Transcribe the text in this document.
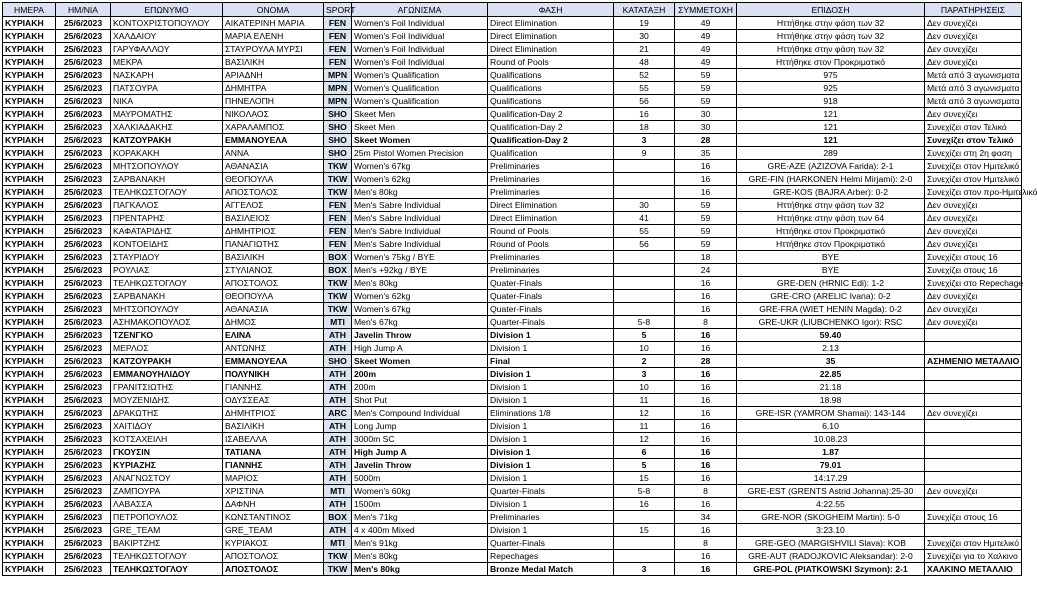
ΗΜΕΡΑ	ΗΜ/ΝΙΑ	ΕΠΩΝΥΜΟ	ΟΝΟΜΑ	SPORT	ΑΓΩΝΙΣΜΑ	ΦΑΣΗ	ΚΑΤΑΤΑΞΗ	ΣΥΜΜΕΤΟΧΗ	ΕΠΙΔΟΣΗ	ΠΑΡΑΤΗΡΗΣΕΙΣ
ΚΥΡΙΑΚΗ	25/6/2023	ΚΟΝΤΟΧΡΙΣΤΟΠΟΥΛΟΥ	ΑΙΚΑΤΕΡΙΝΗ ΜΑΡΙΑ	FEN	Women's Foil Individual	Direct Elimination	19	49	Ηττήθηκε στην φάση των 32	Δεν συνεχίζει
ΚΥΡΙΑΚΗ	25/6/2023	ΧΑΛΔΑΙΟΥ	ΜΑΡΙΑ ΕΛΕΝΗ	FEN	Women's Foil Individual	Direct Elimination	30	49	Ηττήθηκε στην φάση των 32	Δεν συνεχίζει
ΚΥΡΙΑΚΗ	25/6/2023	ΓΑΡΥΦΑΛΛΟΥ	ΣΤΑΥΡΟΥΛΑ ΜΥΡΣΙ	FEN	Women's Foil Individual	Direct Elimination	21	49	Ηττήθηκε στην φάση των 32	Δεν συνεχίζει
ΚΥΡΙΑΚΗ	25/6/2023	ΜΕΚΡΑ	ΒΑΣΙΛΙΚΗ	FEN	Women's Foil Individual	Round of Pools	48	49	Ηττήθηκε στον Προκριματικό	Δεν συνεχίζει
ΚΥΡΙΑΚΗ	25/6/2023	ΝΑΣΚΑΡΗ	ΑΡΙΑΔΝΗ	MPN	Women's Qualification	Qualifications	52	59	975	Μετά από 3 αγωνισματα
ΚΥΡΙΑΚΗ	25/6/2023	ΠΑΤΣΟΥΡΑ	ΔΗΜΗΤΡΑ	MPN	Women's Qualification	Qualifications	55	59	925	Μετά από 3 αγωνισματα
ΚΥΡΙΑΚΗ	25/6/2023	ΝΙΚΑ	ΠΗΝΕΛΟΠΗ	MPN	Women's Qualification	Qualifications	56	59	918	Μετά από 3 αγωνισματα
ΚΥΡΙΑΚΗ	25/6/2023	ΜΑΥΡΟΜΑΤΗΣ	ΝΙΚΟΛΑΟΣ	SHO	Skeet Men	Qualification-Day 2	16	30	121	Δεν συνεχίζει
ΚΥΡΙΑΚΗ	25/6/2023	ΧΑΛΚΙΑΔΑΚΗΣ	ΧΑΡΑΛΑΜΠΟΣ	SHO	Skeet Men	Qualification-Day 2	18	30	121	Συνεχίζει στον Τελικό
ΚΥΡΙΑΚΗ	25/6/2023	ΚΑΤΖΟΥΡΑΚΗ	ΕΜΜΑΝΟΥΕΛΑ	SHO	Skeet Women	Qualification-Day 2	3	28	121	Συνεχίζει στον Τελικό
ΚΥΡΙΑΚΗ	25/6/2023	ΚΟΡΑΚΑΚΗ	ΑΝΝΑ	SHO	25m Pistol Women Precision	Qualification	9	35	289	Συνεχίζει στη 2η φαση
ΚΥΡΙΑΚΗ	25/6/2023	ΜΗΤΣΟΠΟΥΛΟΥ	ΑΘΑΝΑΣΙΑ	TKW	Women's 67kg	Preliminaries		16	GRE-AZE (AZIZOVA Farida): 2-1	Συνεχίζει στον Ημιτελικό
ΚΥΡΙΑΚΗ	25/6/2023	ΣΑΡΒΑΝΑΚΗ	ΘΕΟΠΟΥΛΑ	TKW	Women's 62kg	Preliminaries		16	GRE-FIN (HARKONEN Helmi Mirjami): 2-0	Συνεχίζει στον Ημιτελικό
ΚΥΡΙΑΚΗ	25/6/2023	ΤΕΛΗΚΩΣΤΟΓΛΟΥ	ΑΠΟΣΤΟΛΟΣ	TKW	Men's 80kg	Preliminaries		16	GRE-KOS (BAJRA Arber): 0-2	Συνεχίζει στον προ-Ημιτελικό
ΚΥΡΙΑΚΗ	25/6/2023	ΠΑΓΚΑΛΟΣ	ΑΓΓΕΛΟΣ	FEN	Men's Sabre Individual	Direct Elimination	30	59	Ηττήθηκε στην φάση των 32	Δεν συνεχίζει
ΚΥΡΙΑΚΗ	25/6/2023	ΠΡΕΝΤΑΡΗΣ	ΒΑΣΙΛΕΙΟΣ	FEN	Men's Sabre Individual	Direct Elimination	41	59	Ηττήθηκε στην φάση των 64	Δεν συνεχίζει
ΚΥΡΙΑΚΗ	25/6/2023	ΚΑΦΑΤΑΡΙΔΗΣ	ΔΗΜΗΤΡΙΟΣ	FEN	Men's Sabre Individual	Round of Pools	55	59	Ηττήθηκε στον Προκριματικό	Δεν συνεχίζει
ΚΥΡΙΑΚΗ	25/6/2023	ΚΟΝΤΟΕΙΔΗΣ	ΠΑΝΑΓΙΩΤΗΣ	FEN	Men's Sabre Individual	Round of Pools	56	59	Ηττήθηκε στον Προκριματικό	Δεν συνεχίζει
ΚΥΡΙΑΚΗ	25/6/2023	ΣΤΑΥΡΙΔΟΥ	ΒΑΣΙΛΙΚΗ	BOX	Women's 75kg / BYE	Preliminaries		18	BYE	Συνεχίζει στους 16
ΚΥΡΙΑΚΗ	25/6/2023	ΡΟΥΛΙΑΣ	ΣΤΥΛΙΑΝΟΣ	BOX	Men's +92kg / BYE	Preliminaries		24	BYE	Συνεχίζει στους 16
ΚΥΡΙΑΚΗ	25/6/2023	ΤΕΛΗΚΩΣΤΟΓΛΟΥ	ΑΠΟΣΤΟΛΟΣ	TKW	Men's 80kg	Quater-Finals		16	GRE-DEN (HRNIC Edi): 1-2	Συνεχίζει στο Repechage
ΚΥΡΙΑΚΗ	25/6/2023	ΣΑΡΒΑΝΑΚΗ	ΘΕΟΠΟΥΛΑ	TKW	Women's 62kg	Quater-Finals		16	GRE-CRO (ARELIC Ivana): 0-2	Δεν συνεχίζει
ΚΥΡΙΑΚΗ	25/6/2023	ΜΗΤΣΟΠΟΥΛΟΥ	ΑΘΑΝΑΣΙΑ	TKW	Women's 67kg	Quater-Finals		16	GRE-FRA (WIET HENIN Magda): 0-2	Δεν συνεχίζει
ΚΥΡΙΑΚΗ	25/6/2023	ΑΣΗΜΑΚΟΠΟΥΛΟΣ	ΔΗΜΟΣ	MTI	Men's 67kg	Quarter-Finals	5-8	8	GRE-UKR (LIUBCHENKO Igor): RSC	Δεν συνεχίζει
ΚΥΡΙΑΚΗ	25/6/2023	ΤΖΕΝΓΚΟ	ΕΛΙΝΑ	ATH	Javelin Throw	Division 1	5	16	59.40	
ΚΥΡΙΑΚΗ	25/6/2023	ΜΕΡΛΟΣ	ΑΝΤΩΝΗΣ	ATH	High Jump A	Division 1	10	16	2.13	
ΚΥΡΙΑΚΗ	25/6/2023	ΚΑΤΖΟΥΡΑΚΗ	ΕΜΜΑΝΟΥΕΛΑ	SHO	Skeet Women	Final	2	28	35	ΑΣΗΜΕΝΙΟ ΜΕΤΑΛΛΙΟ
ΚΥΡΙΑΚΗ	25/6/2023	ΕΜΜΑΝΟΥΗΛΙΔΟΥ	ΠΟΛΥΝΙΚΗ	ATH	200m	Division 1	3	16	22.85	
ΚΥΡΙΑΚΗ	25/6/2023	ΓΡΑΝΙΤΣΙΩΤΗΣ	ΓΙΑΝΝΗΣ	ATH	200m	Division 1	10	16	21.18	
ΚΥΡΙΑΚΗ	25/6/2023	ΜΟΥΖΕΝΙΔΗΣ	ΟΔΥΣΣΕΑΣ	ATH	Shot Put	Division 1	11	16	18.98	
ΚΥΡΙΑΚΗ	25/6/2023	ΔΡΑΚΩΤΗΣ	ΔΗΜΗΤΡΙΟΣ	ARC	Men's Compound Individual	Eliminations 1/8	12	16	GRE-ISR (YAMROM Shamai): 143-144	Δεν συνεχίζει
ΚΥΡΙΑΚΗ	25/6/2023	ΧΑΙΤΙΔΟΥ	ΒΑΣΙΛΙΚΗ	ATH	Long Jump	Division 1	11	16	6.10	
ΚΥΡΙΑΚΗ	25/6/2023	ΚΟΤΣΑΧΕΙΛΗ	ΙΣΑΒΕΛΛΑ	ATH	3000m SC	Division 1	12	16	10.08.23	
ΚΥΡΙΑΚΗ	25/6/2023	ΓΚΟΥΣΙΝ	ΤΑΤΙΑΝΑ	ATH	High Jump A	Division 1	6	16	1.87	
ΚΥΡΙΑΚΗ	25/6/2023	ΚΥΡΙΑΖΗΣ	ΓΙΑΝΝΗΣ	ATH	Javelin Throw	Division 1	5	16	79.01	
ΚΥΡΙΑΚΗ	25/6/2023	ΑΝΑΓΝΩΣΤΟΥ	ΜΑΡΙΟΣ	ATH	5000m	Division 1	15	16	14:17.29	
ΚΥΡΙΑΚΗ	25/6/2023	ΖΑΜΠΟΥΡΑ	ΧΡΙΣΤΙΝΑ	MTI	Women's 60kg	Quarter-Finals	5-8	8	GRE-EST (GRENTS Astrid Johanna):25-30	Δεν συνεχίζει
ΚΥΡΙΑΚΗ	25/6/2023	ΛΑΒΑΣΣΑ	ΔΑΦΝΗ	ATH	1500m	Division 1	16	16	4:22.55	
ΚΥΡΙΑΚΗ	25/6/2023	ΠΕΤΡΟΠΟΥΛΟΣ	ΚΩΝΣΤΑΝΤΙΝΟΣ	BOX	Men's 71kg	Preliminaries		34	GRE-NOR (SKOGHEIM Martin): 5-0	Συνεχίζει στους 16
ΚΥΡΙΑΚΗ	25/6/2023	GRE_TEAM	GRE_TEAM	ATH	4 x 400m Mixed	Division 1	15	16	3:23.10	
ΚΥΡΙΑΚΗ	25/6/2023	ΒΑΚΙΡΤΖΗΣ	ΚΥΡΙΑΚΟΣ	MTI	Men's 91kg	Quarter-Finals		8	GRE-GEO (MARGISHVILI Slava): KOB	Συνεχίζει στον Ημιτελικό
ΚΥΡΙΑΚΗ	25/6/2023	ΤΕΛΗΚΩΣΤΟΓΛΟΥ	ΑΠΟΣΤΟΛΟΣ	TKW	Men's 80kg	Repechages		16	GRE-AUT (RADOJKOVIC Aleksandar): 2-0	Συνεχίζει για το Χαλκινο
ΚΥΡΙΑΚΗ	25/6/2023	ΤΕΛΗΚΩΣΤΟΓΛΟΥ	ΑΠΟΣΤΟΛΟΣ	TKW	Men's 80kg	Bronze Medal Match	3	16	GRE-POL (PIATKOWSKI Szymon): 2-1	ΧΑΛΚΙΝΟ ΜΕΤΑΛΛΙΟ
